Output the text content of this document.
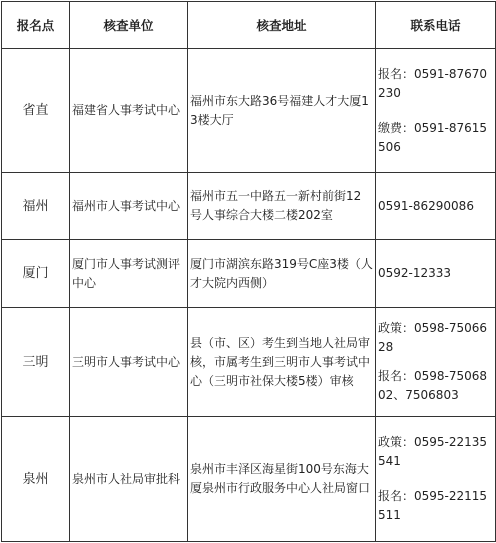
报名点	核查单位	核查地址	联系电话
省直	福建省人事考试中心	福州市东大路36号福建人才大厦13楼大厅	报名：0591-87670230
缴费：0591-87615506

福州	福州市人事考试中心	福州市五一中路五一新村前街12号人事综合大楼二楼202室	0591-86290086

厦门	厦门市人事考试测评中心	厦门市湖滨东路319号C座3楼（人才大院内西侧）	0592-12333

三明	三明市人事考试中心	县（市、区）考生到当地人社局审核，市属考生到三明市人事考试中心（三明市社保大楼5楼）审核	政策：0598-7506628
报名：0598-7506802、7506803

泉州	泉州市人社局审批科	泉州市丰泽区海星街100号东海大厦泉州市行政服务中心人社局窗口	政策：0595-22135541
报名：0595-22115511
